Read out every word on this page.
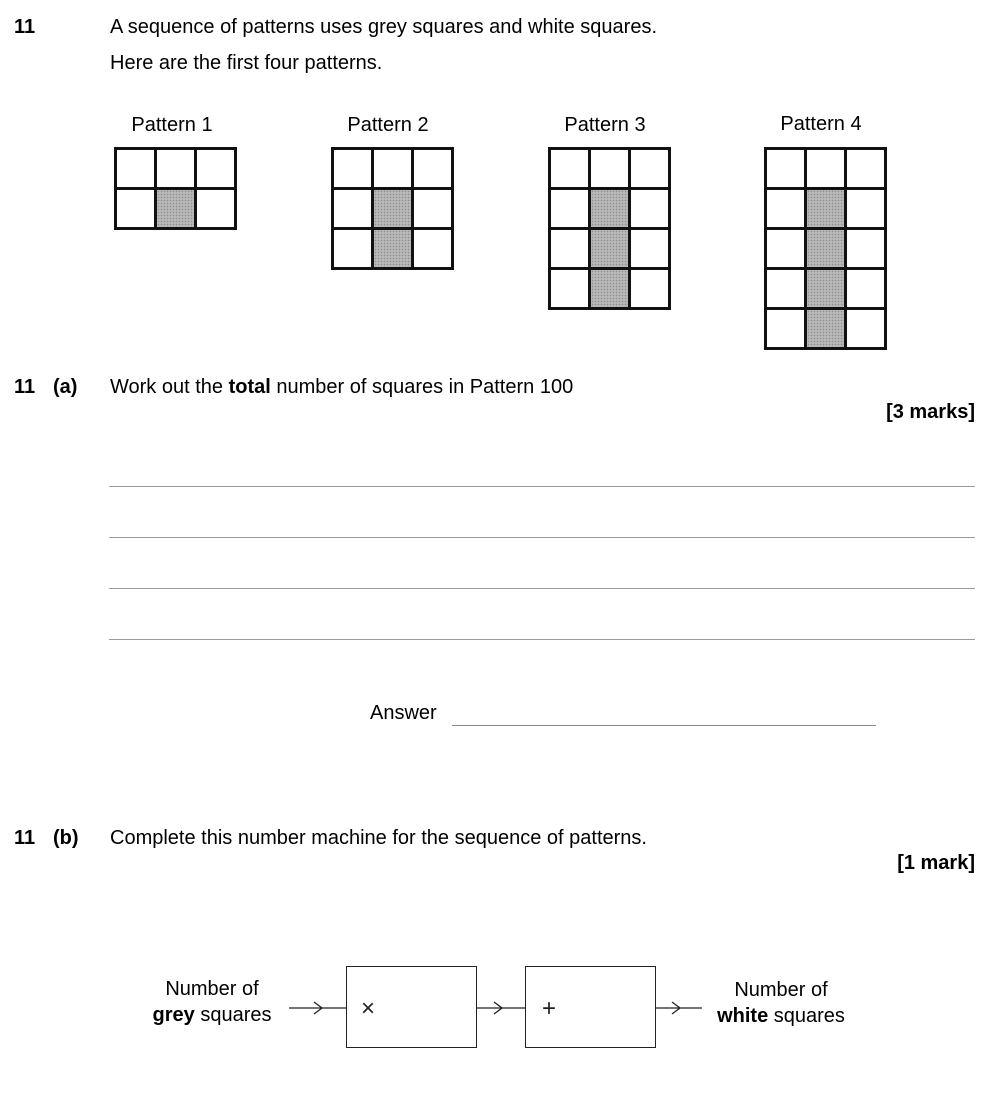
11	A sequence of patterns uses grey squares and white squares.
Here are the first four patterns.
Pattern 1	Pattern 2	Pattern 3	Pattern 4
11 (a) Work out the total number of squares in Pattern 100
[3 marks]
Answer
11 (b) Complete this number machine for the sequence of patterns.
[1 mark]
Number of
grey squares	×	+
Number of
white squares
